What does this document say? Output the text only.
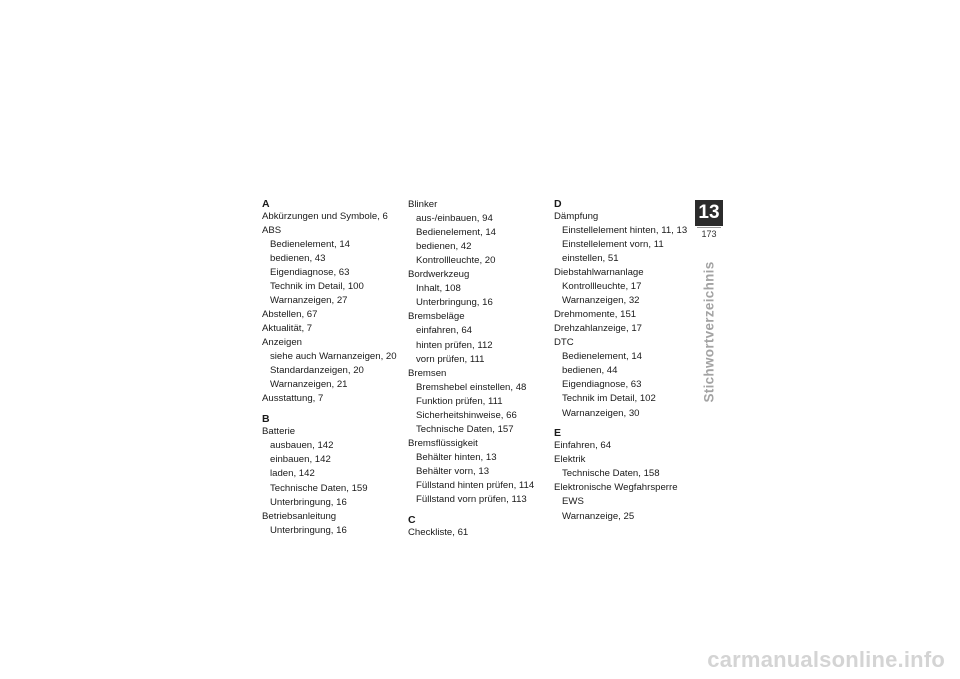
A
Abkürzungen und Symbole, 6
ABS
Bedienelement, 14
bedienen, 43
Eigendiagnose, 63
Technik im Detail, 100
Warnanzeigen, 27
Abstellen, 67
Aktualität, 7
Anzeigen
siehe auch Warnanzeigen, 20
Standardanzeigen, 20
Warnanzeigen, 21
Ausstattung, 7
B
Batterie
ausbauen, 142
einbauen, 142
laden, 142
Technische Daten, 159
Unterbringung, 16
Betriebsanleitung
Unterbringung, 16
Blinker
aus-/einbauen, 94
Bedienelement, 14
bedienen, 42
Kontrollleuchte, 20
Bordwerkzeug
Inhalt, 108
Unterbringung, 16
Bremsbeläge
einfahren, 64
hinten prüfen, 112
vorn prüfen, 111
Bremsen
Bremshebel einstellen, 48
Funktion prüfen, 111
Sicherheitshinweise, 66
Technische Daten, 157
Bremsflüssigkeit
Behälter hinten, 13
Behälter vorn, 13
Füllstand hinten prüfen, 114
Füllstand vorn prüfen, 113
C
Checkliste, 61
D
Dämpfung
Einstellelement hinten, 11, 13
Einstellelement vorn, 11
einstellen, 51
Diebstahlwarnanlage
Kontrollleuchte, 17
Warnanzeigen, 32
Drehmomente, 151
Drehzahlanzeige, 17
DTC
Bedienelement, 14
bedienen, 44
Eigendiagnose, 63
Technik im Detail, 102
Warnanzeigen, 30
E
Einfahren, 64
Elektrik
Technische Daten, 158
Elektronische Wegfahrsperre
EWS
Warnanzeige, 25
13
173
Stichwortverzeichnis
carmanualsonline.info
